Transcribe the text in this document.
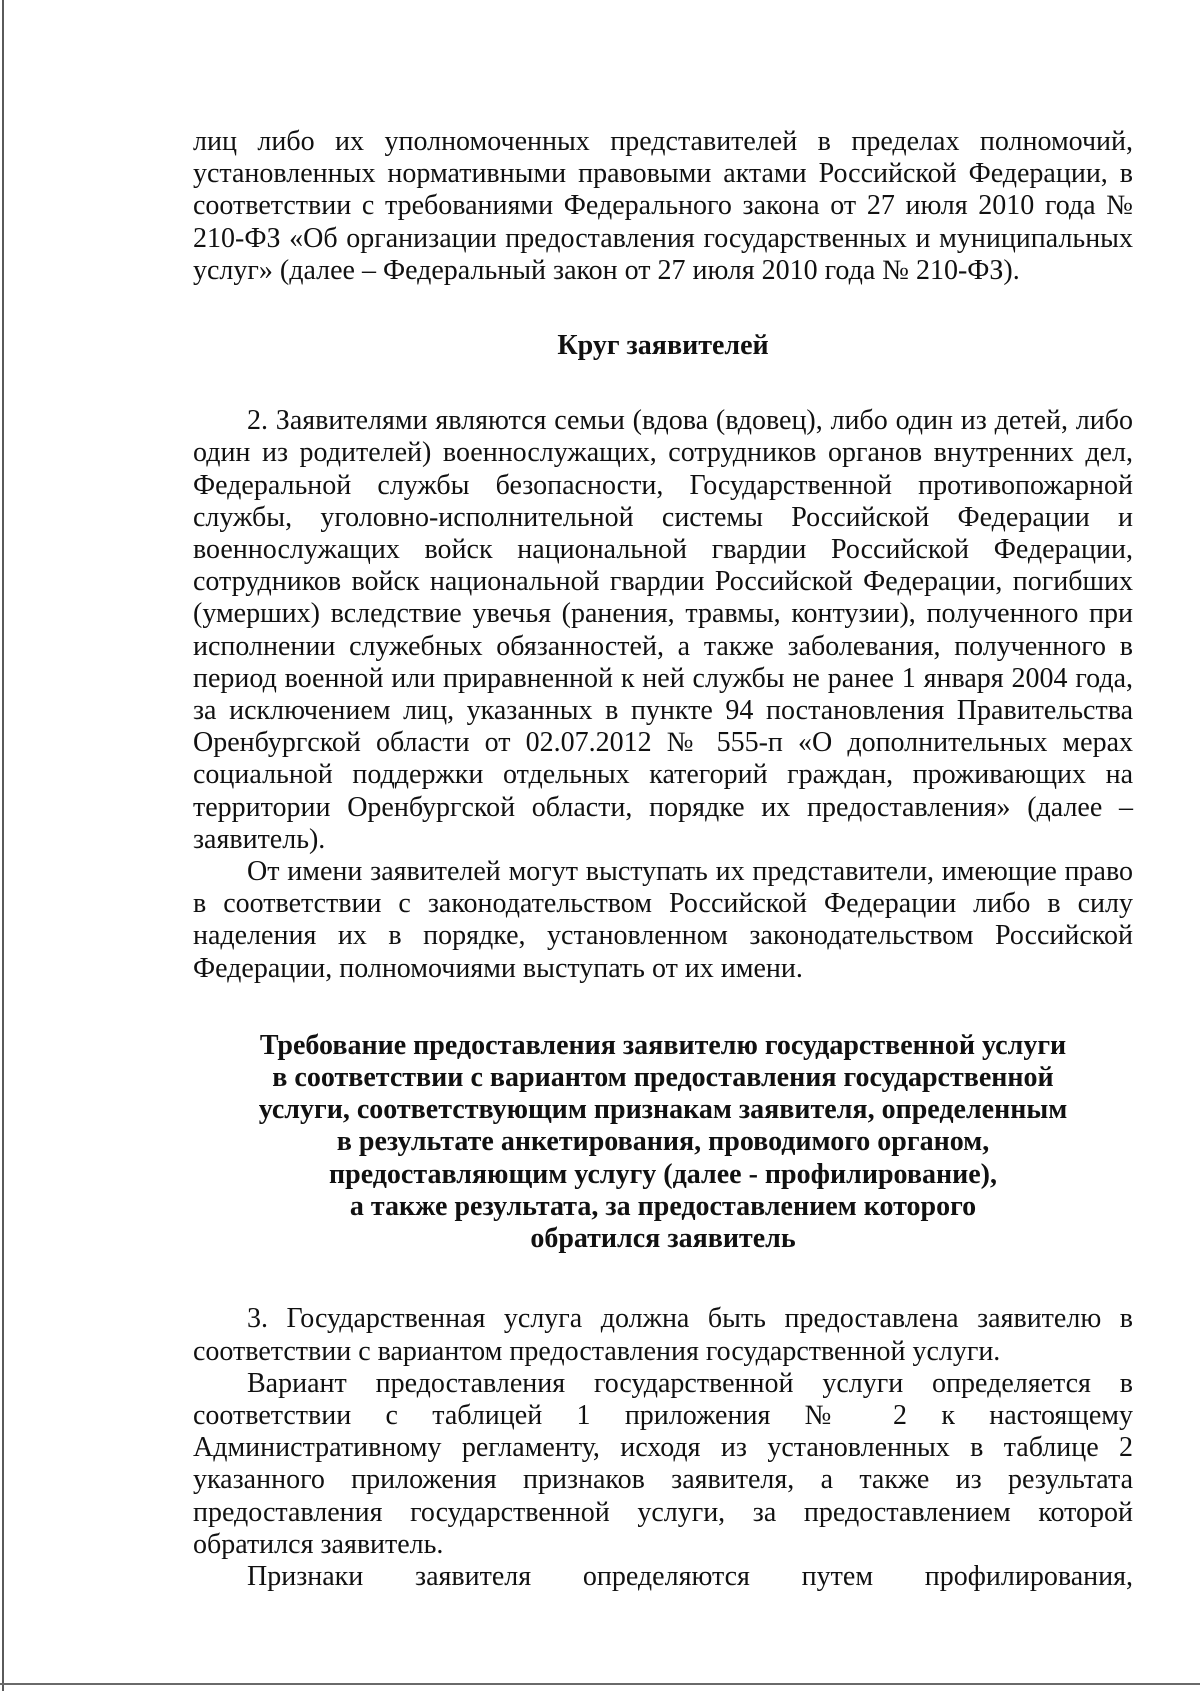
лиц либо их уполномоченных представителей в пределах полномочий, установленных нормативными правовыми актами Российской Федерации, в соответствии с требованиями Федерального закона от 27 июля 2010 года № 210-ФЗ «Об организации предоставления государственных и муниципальных услуг» (далее – Федеральный закон от 27 июля 2010 года № 210-ФЗ).

Круг заявителей

2. Заявителями являются семьи (вдова (вдовец), либо один из детей, либо один из родителей) военнослужащих, сотрудников органов внутренних дел, Федеральной службы безопасности, Государственной противопожарной службы, уголовно-исполнительной системы Российской Федерации и военнослужащих войск национальной гвардии Российской Федерации, сотрудников войск национальной гвардии Российской Федерации, погибших (умерших) вследствие увечья (ранения, травмы, контузии), полученного при исполнении служебных обязанностей, а также заболевания, полученного в период военной или приравненной к ней службы не ранее 1 января 2004 года, за исключением лиц, указанных в пункте 94 постановления Правительства Оренбургской области от 02.07.2012 № 555-п «О дополнительных мерах социальной поддержки отдельных категорий граждан, проживающих на территории Оренбургской области, порядке их предоставления» (далее – заявитель).

От имени заявителей могут выступать их представители, имеющие право в соответствии с законодательством Российской Федерации либо в силу наделения их в порядке, установленном законодательством Российской Федерации, полномочиями выступать от их имени.

Требование предоставления заявителю государственной услуги
в соответствии с вариантом предоставления государственной
услуги, соответствующим признакам заявителя, определенным
в результате анкетирования, проводимого органом,
предоставляющим услугу (далее - профилирование),
а также результата, за предоставлением которого
обратился заявитель

3. Государственная услуга должна быть предоставлена заявителю в соответствии с вариантом предоставления государственной услуги.

Вариант предоставления государственной услуги определяется в соответствии с таблицей 1 приложения № 2 к настоящему Административному регламенту, исходя из установленных в таблице 2 указанного приложения признаков заявителя, а также из результата предоставления государственной услуги, за предоставлением которой обратился заявитель.

Признаки заявителя определяются путем профилирования,
